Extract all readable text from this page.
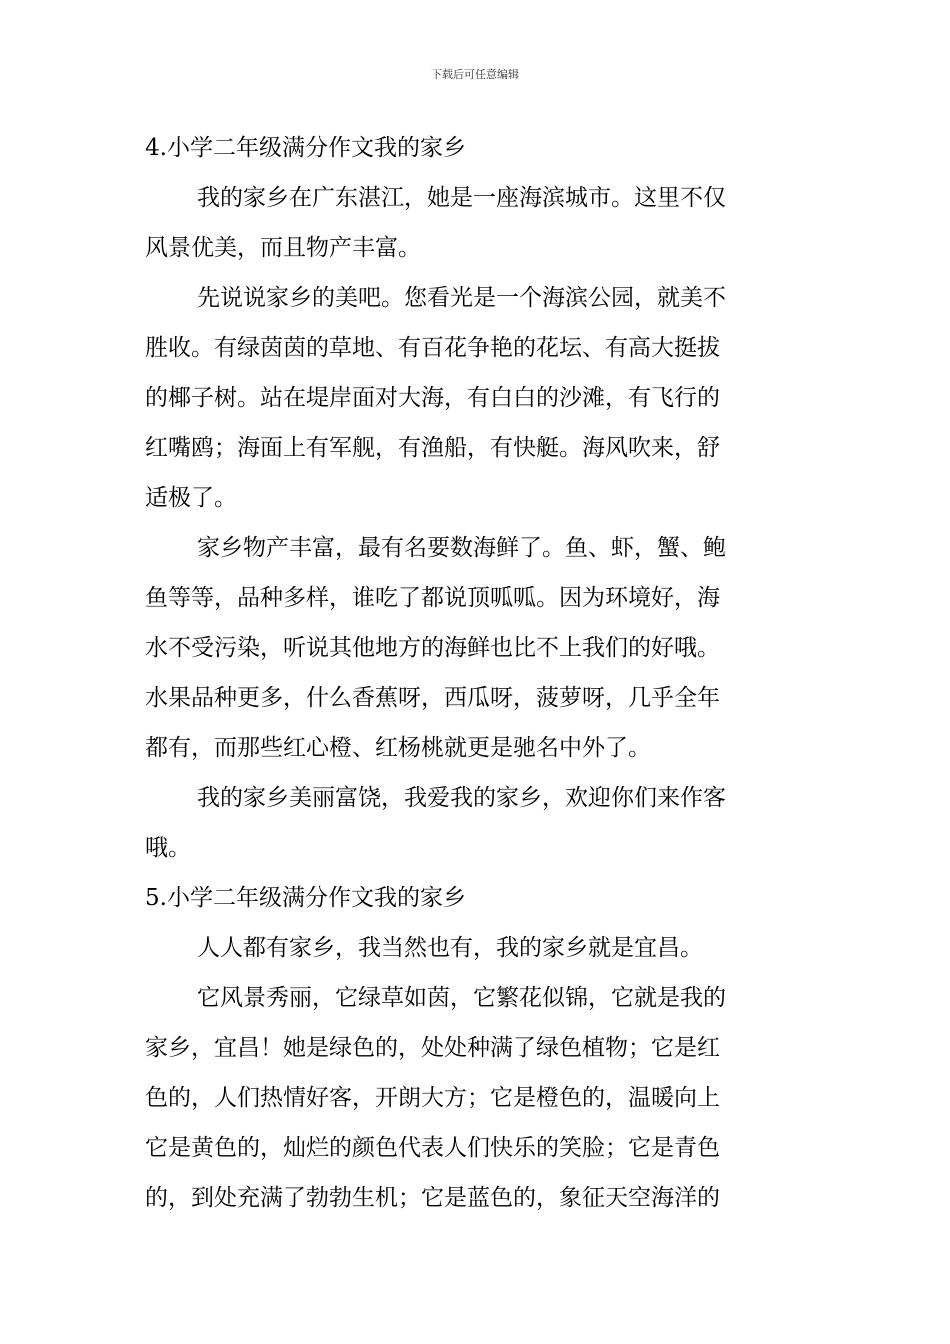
下载后可任意编辑
4.小学二年级满分作文我的家乡
我的家乡在广东湛江，她是一座海滨城市。这里不仅
风景优美，而且物产丰富。
先说说家乡的美吧。您看光是一个海滨公园，就美不
胜收。有绿茵茵的草地、有百花争艳的花坛、有高大挺拔
的椰子树。站在堤岸面对大海，有白白的沙滩，有飞行的
红嘴鸥；海面上有军舰，有渔船，有快艇。海风吹来，舒
适极了。
家乡物产丰富，最有名要数海鲜了。鱼、虾，蟹、鲍
鱼等等，品种多样，谁吃了都说顶呱呱。因为环境好，海
水不受污染，听说其他地方的海鲜也比不上我们的好哦。
水果品种更多，什么香蕉呀，西瓜呀，菠萝呀，几乎全年
都有，而那些红心橙、红杨桃就更是驰名中外了。
我的家乡美丽富饶，我爱我的家乡，欢迎你们来作客
哦。
5.小学二年级满分作文我的家乡
人人都有家乡，我当然也有，我的家乡就是宜昌。
它风景秀丽，它绿草如茵，它繁花似锦，它就是我的
家乡，宜昌！她是绿色的，处处种满了绿色植物；它是红
色的，人们热情好客，开朗大方；它是橙色的，温暖向上
它是黄色的，灿烂的颜色代表人们快乐的笑脸；它是青色
的，到处充满了勃勃生机；它是蓝色的，象征天空海洋的
